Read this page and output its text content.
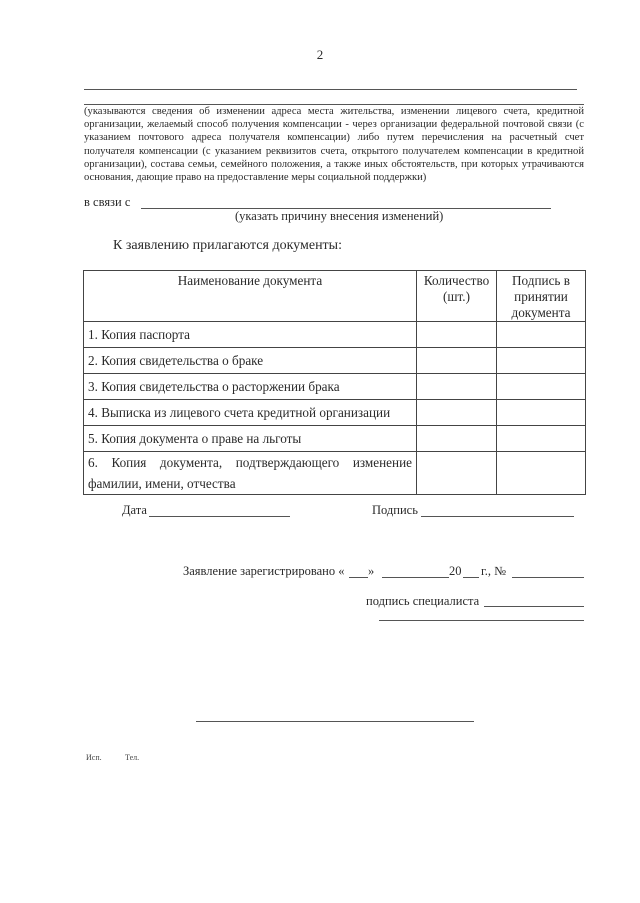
2
(указываются сведения об изменении адреса места жительства, изменении лицевого счета, кредитной организации, желаемый способ получения компенсации - через организации федеральной почтовой связи (с указанием почтового адреса получателя компенсации) либо путем перечисления на расчетный счет получателя компенсации (с указанием реквизитов счета, открытого получателем компенсации в кредитной организации), состава семьи, семейного положения, а также иных обстоятельств, при которых утрачиваются основания, дающие право на предоставление меры социальной поддержки)
в связи с
(указать причину внесения изменений)
К заявлению прилагаются документы:
Наименование документа	Количество (шт.)	Подпись в принятии документа
1. Копия паспорта		
2. Копия свидетельства о браке		
3. Копия свидетельства о расторжении брака		
4. Выписка из лицевого счета кредитной организации		
5. Копия документа о праве на льготы		
6. Копия документа, подтверждающего изменение фамилии, имени, отчества		
Дата	Подпись
Заявление зарегистрировано « »	20 г., №
подпись специалиста
Исп.	Тел.
